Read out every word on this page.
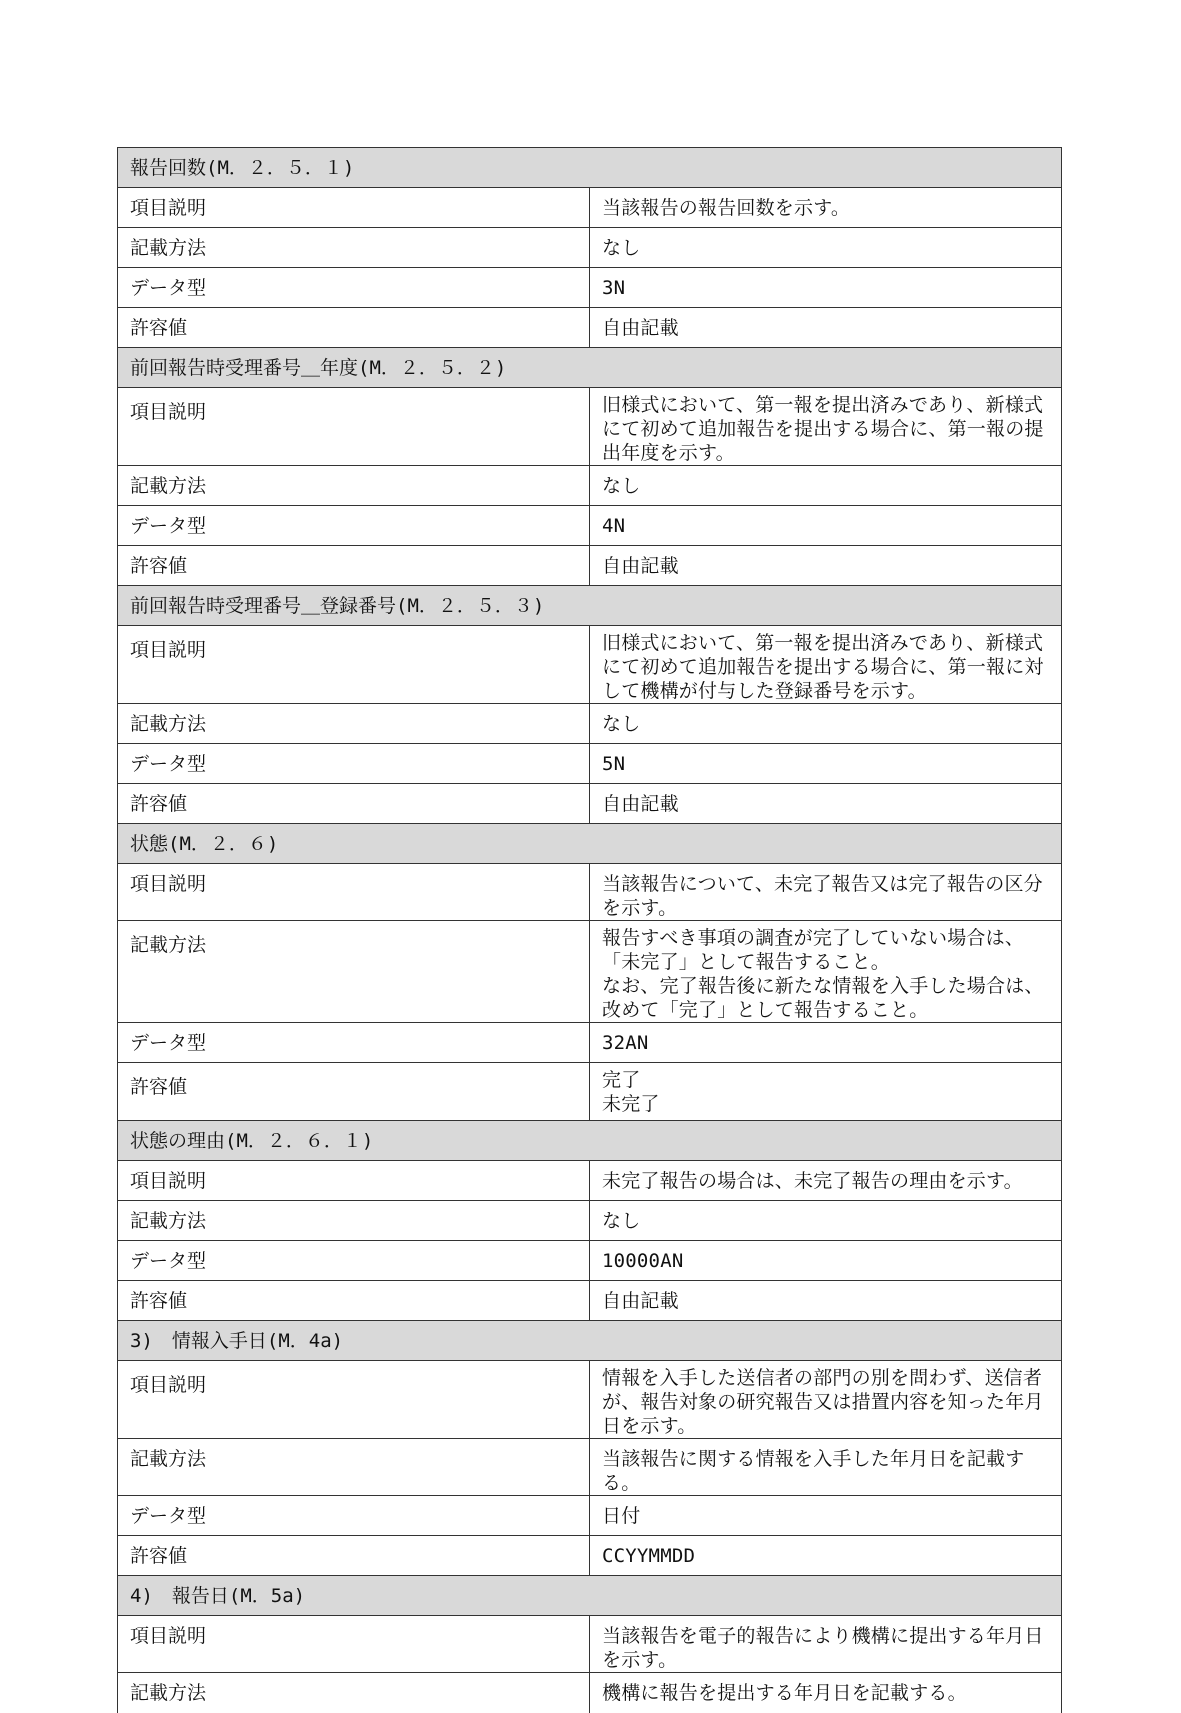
報告回数(M．２．５．１)	
項目説明	当該報告の報告回数を示す。
記載方法	なし
データ型	3N
許容値	自由記載
前回報告時受理番号＿年度(M．２．５．２)	
項目説明	旧様式において、第一報を提出済みであり、新様式にて初めて追加報告を提出する場合に、第一報の提出年度を示す。
記載方法	なし
データ型	4N
許容値	自由記載
前回報告時受理番号＿登録番号(M．２．５．３)	
項目説明	旧様式において、第一報を提出済みであり、新様式にて初めて追加報告を提出する場合に、第一報に対して機構が付与した登録番号を示す。
記載方法	なし
データ型	5N
許容値	自由記載
状態(M．２．６)	
項目説明	当該報告について、未完了報告又は完了報告の区分を示す。
記載方法	報告すべき事項の調査が完了していない場合は、「未完了」として報告すること。
なお、完了報告後に新たな情報を入手した場合は、改めて「完了」として報告すること。
データ型	32AN
許容値	完了
未完了
状態の理由(M．２．６．１)	
項目説明	未完了報告の場合は、未完了報告の理由を示す。
記載方法	なし
データ型	10000AN
許容値	自由記載
3)　情報入手日(M．4a)	
項目説明	情報を入手した送信者の部門の別を問わず、送信者が、報告対象の研究報告又は措置内容を知った年月日を示す。
記載方法	当該報告に関する情報を入手した年月日を記載する。
データ型	日付
許容値	CCYYMMDD
4)　報告日(M．5a)	
項目説明	当該報告を電子的報告により機構に提出する年月日を示す。
記載方法	機構に報告を提出する年月日を記載する。
